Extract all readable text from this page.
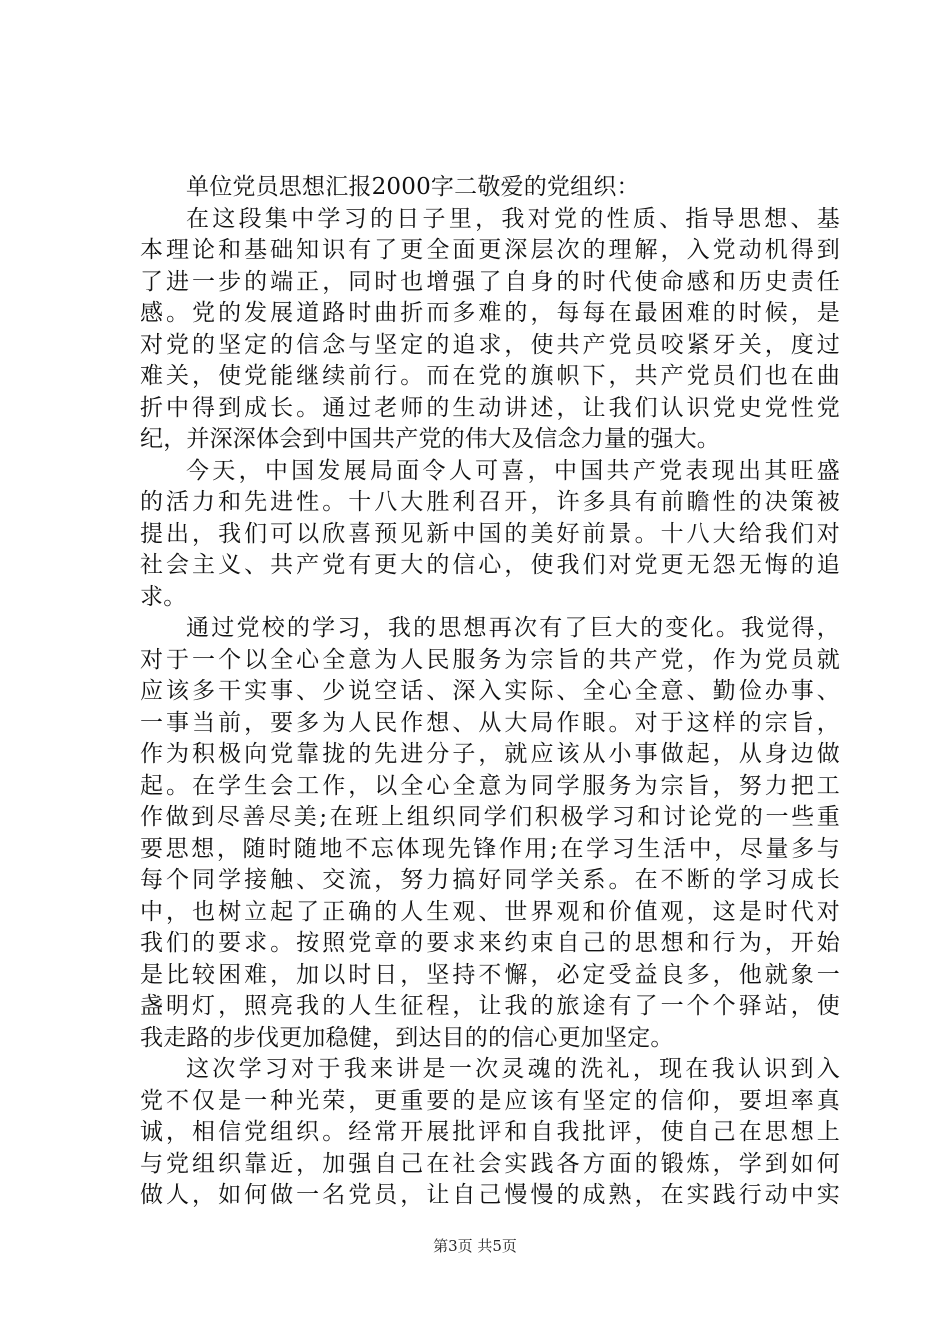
单位党员思想汇报2000字二敬爱的党组织：
在这段集中学习的日子里，我对党的性质、指导思想、基
本理论和基础知识有了更全面更深层次的理解，入党动机得到
了进一步的端正，同时也增强了自身的时代使命感和历史责任
感。党的发展道路时曲折而多难的，每每在最困难的时候，是
对党的坚定的信念与坚定的追求，使共产党员咬紧牙关，度过
难关，使党能继续前行。而在党的旗帜下，共产党员们也在曲
折中得到成长。通过老师的生动讲述，让我们认识党史党性党
纪，并深深体会到中国共产党的伟大及信念力量的强大。
今天，中国发展局面令人可喜，中国共产党表现出其旺盛
的活力和先进性。十八大胜利召开，许多具有前瞻性的决策被
提出，我们可以欣喜预见新中国的美好前景。十八大给我们对
社会主义、共产党有更大的信心，使我们对党更无怨无悔的追
求。
通过党校的学习，我的思想再次有了巨大的变化。我觉得，
对于一个以全心全意为人民服务为宗旨的共产党，作为党员就
应该多干实事、少说空话、深入实际、全心全意、勤俭办事、
一事当前，要多为人民作想、从大局作眼。对于这样的宗旨，
作为积极向党靠拢的先进分子，就应该从小事做起，从身边做
起。在学生会工作，以全心全意为同学服务为宗旨，努力把工
作做到尽善尽美;在班上组织同学们积极学习和讨论党的一些重
要思想，随时随地不忘体现先锋作用;在学习生活中，尽量多与
每个同学接触、交流，努力搞好同学关系。在不断的学习成长
中，也树立起了正确的人生观、世界观和价值观，这是时代对
我们的要求。按照党章的要求来约束自己的思想和行为，开始
是比较困难，加以时日，坚持不懈，必定受益良多，他就象一
盏明灯，照亮我的人生征程，让我的旅途有了一个个驿站，使
我走路的步伐更加稳健，到达目的的信心更加坚定。
这次学习对于我来讲是一次灵魂的洗礼，现在我认识到入
党不仅是一种光荣，更重要的是应该有坚定的信仰，要坦率真
诚，相信党组织。经常开展批评和自我批评，使自己在思想上
与党组织靠近，加强自己在社会实践各方面的锻炼，学到如何
做人，如何做一名党员，让自己慢慢的成熟，在实践行动中实
第3页 共5页
